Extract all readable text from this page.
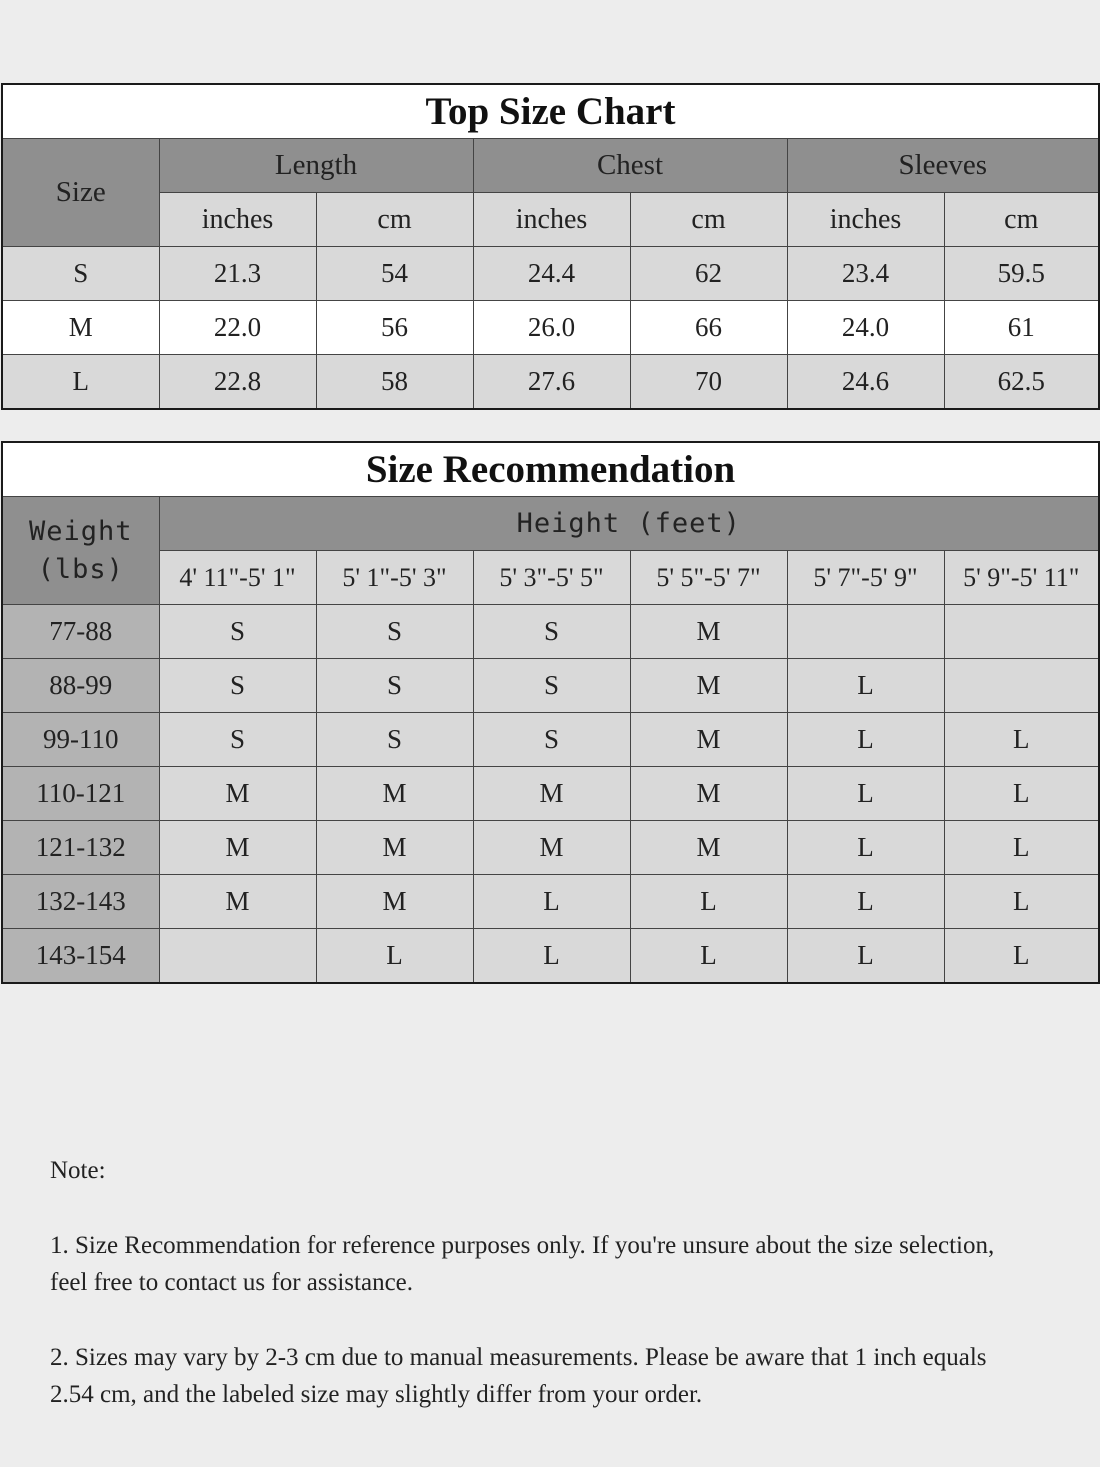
Top Size Chart						
Size	Length		Chest		Sleeves	
	inches	cm	inches	cm	inches	cm
S	21.3	54	24.4	62	23.4	59.5
M	22.0	56	26.0	66	24.0	61
L	22.8	58	27.6	70	24.6	62.5
Size Recommendation						

Weight
(lbs)	Height (feet)					
	4' 11"-5' 1"	5' 1"-5' 3"	5' 3"-5' 5"	5' 5"-5' 7"	5' 7"-5' 9"	5' 9"-5' 11"
77-88	S	S	S	M		
88-99	S	S	S	M	L	
99-110	S	S	S	M	L	L
110-121	M	M	M	M	L	L
121-132	M	M	M	M	L	L
132-143	M	M	L	L	L	L
143-154		L	L	L	L	L

Note:

1. Size Recommendation for reference purposes only. If you're unsure about the size selection, feel free to contact us for assistance.

2. Sizes may vary by 2-3 cm due to manual measurements. Please be aware that 1 inch equals 2.54 cm, and the labeled size may slightly differ from your order.
